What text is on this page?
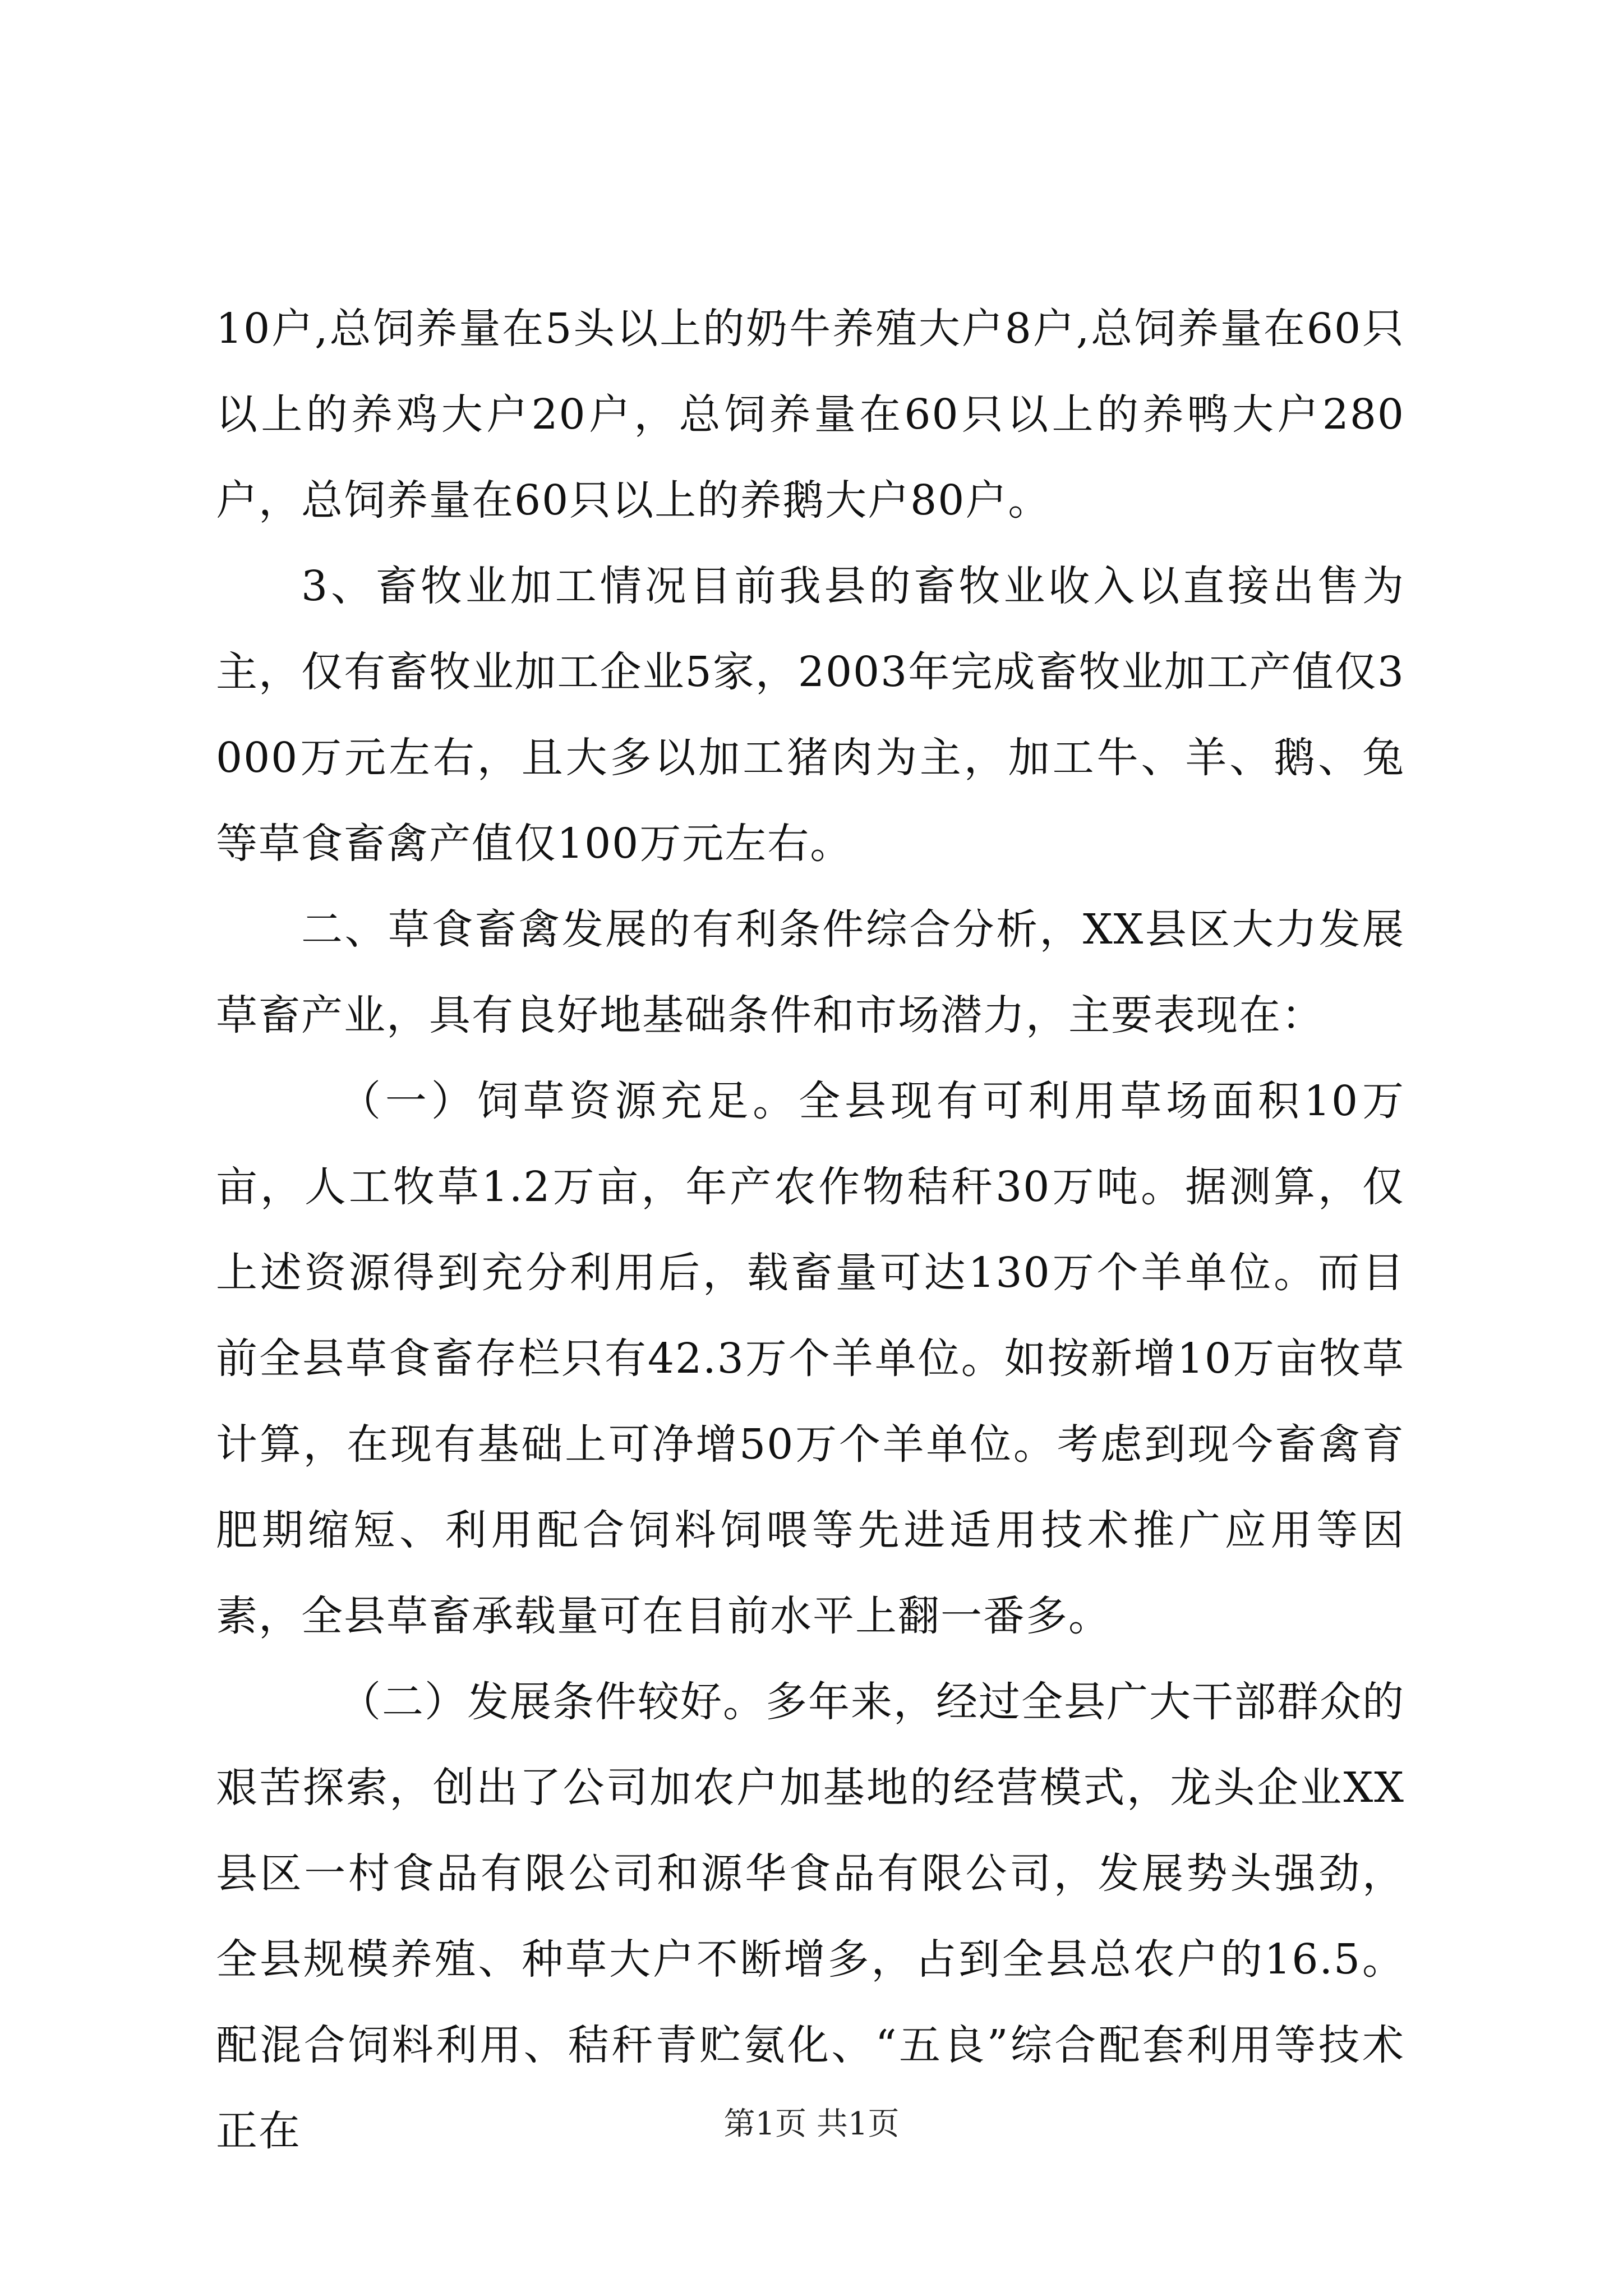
10户,总饲养量在5头以上的奶牛养殖大户8户,总饲养量在60只以上的养鸡大户20户，总饲养量在60只以上的养鸭大户280户，总饲养量在60只以上的养鹅大户80户。

3、畜牧业加工情况目前我县的畜牧业收入以直接出售为主，仅有畜牧业加工企业5家，2003年完成畜牧业加工产值仅3000万元左右，且大多以加工猪肉为主，加工牛、羊、鹅、兔等草食畜禽产值仅100万元左右。

二、草食畜禽发展的有利条件综合分析，XX县区大力发展草畜产业，具有良好地基础条件和市场潜力，主要表现在：

（一）饲草资源充足。全县现有可利用草场面积10万亩，人工牧草1.2万亩，年产农作物秸秆30万吨。据测算，仅上述资源得到充分利用后，载畜量可达130万个羊单位。而目前全县草食畜存栏只有42.3万个羊单位。如按新增10万亩牧草计算，在现有基础上可净增50万个羊单位。考虑到现今畜禽育肥期缩短、利用配合饲料饲喂等先进适用技术推广应用等因素，全县草畜承载量可在目前水平上翻一番多。

（二）发展条件较好。多年来，经过全县广大干部群众的艰苦探索，创出了公司加农户加基地的经营模式，龙头企业XX县区一村食品有限公司和源华食品有限公司，发展势头强劲，全县规模养殖、种草大户不断增多，占到全县总农户的16.5。配混合饲料利用、秸秆青贮氨化、“五良”综合配套利用等技术正在	第1页 共1页
